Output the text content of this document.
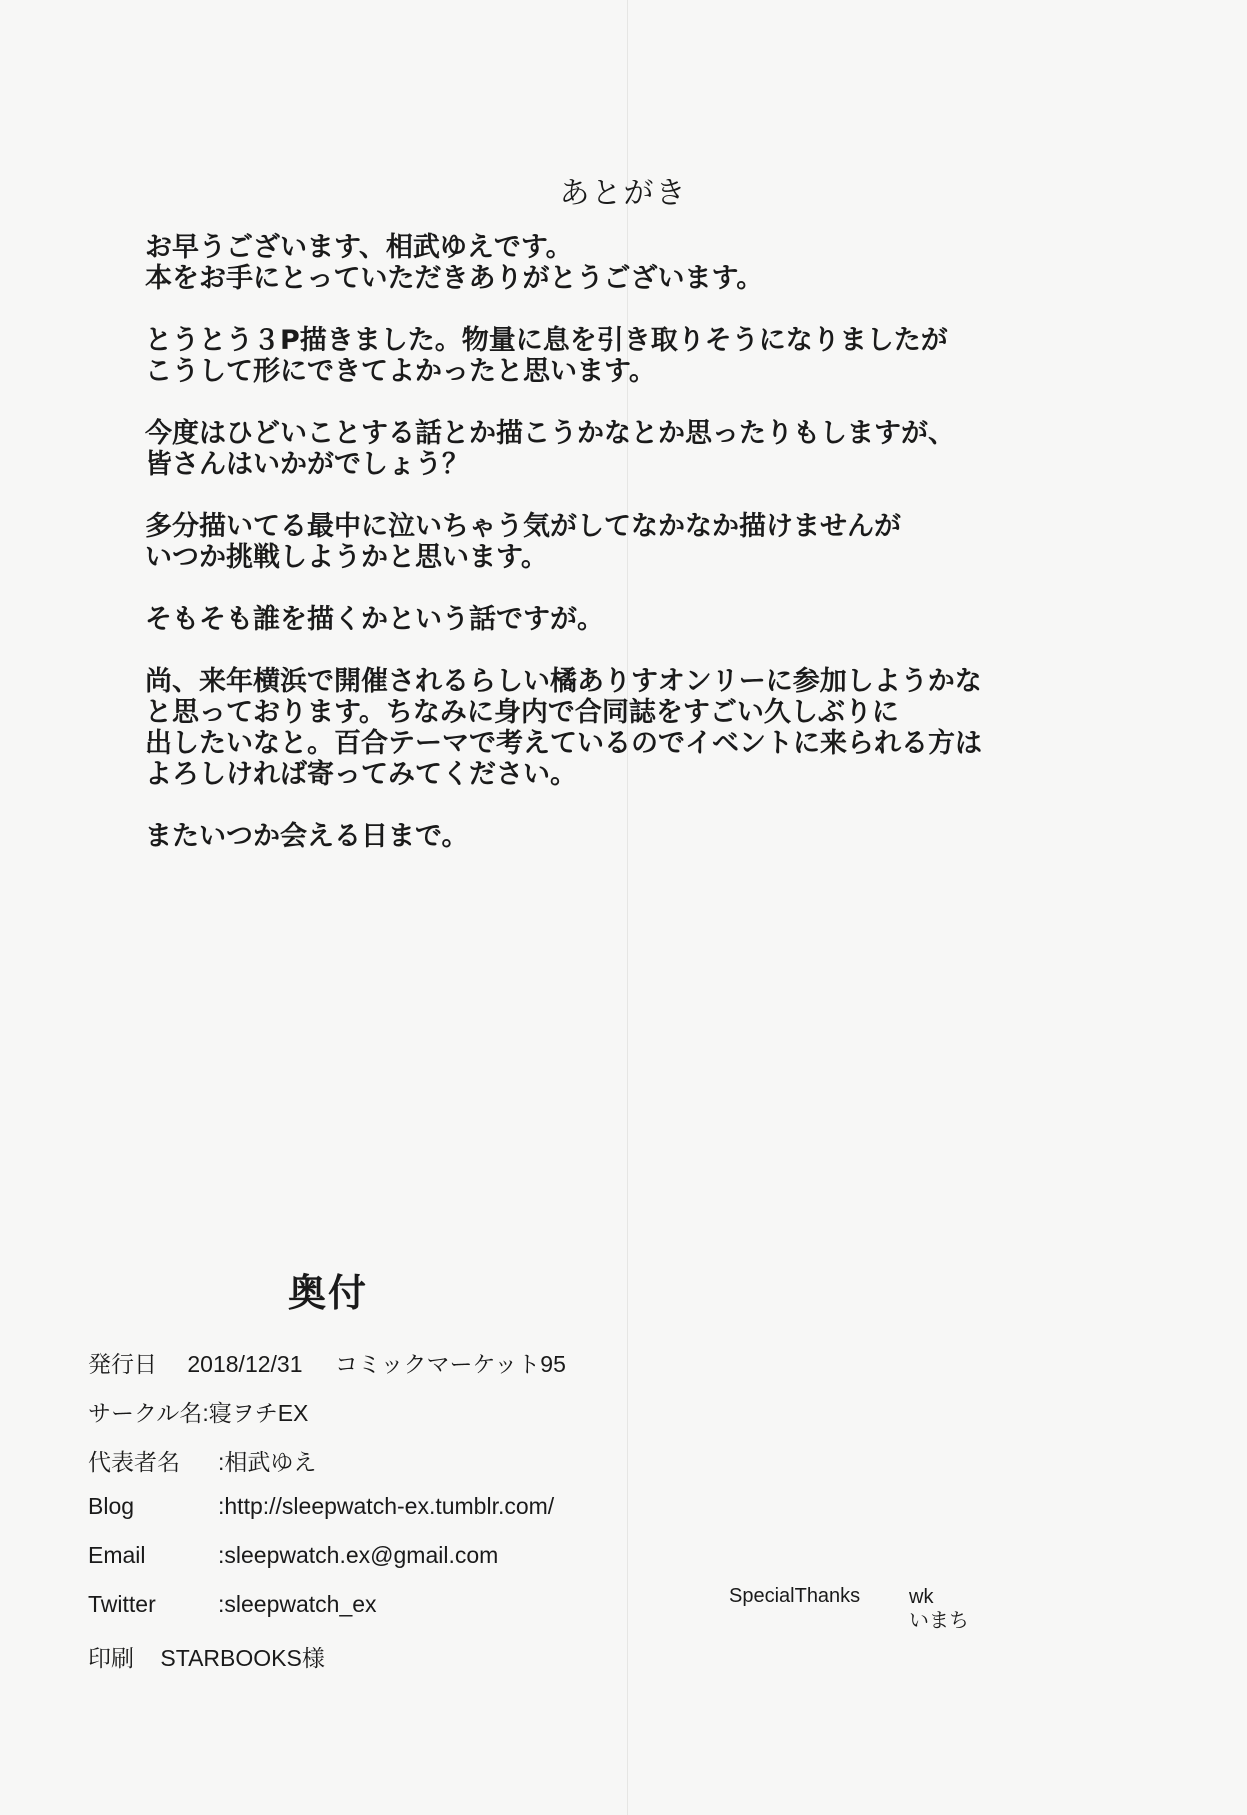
あとがき
お早うございます、相武ゆえです。
本をお手にとっていただきありがとうございます。
とうとう３P描きました。物量に息を引き取りそうになりましたが
こうして形にできてよかったと思います。
今度はひどいことする話とか描こうかなとか思ったりもしますが、
皆さんはいかがでしょう？
多分描いてる最中に泣いちゃう気がしてなかなか描けませんが
いつか挑戦しようかと思います。
そもそも誰を描くかという話ですが。
尚、来年横浜で開催されるらしい橘ありすオンリーに参加しようかな
と思っております。ちなみに身内で合同誌をすごい久しぶりに
出したいなと。百合テーマで考えているのでイベントに来られる方は
よろしければ寄ってみてください。
またいつか会える日まで。
奥付
発行日 2018/12/31 コミックマーケット95
サークル名:寝ヲチEX
代表者名 :相武ゆえ
Blog	:http://sleepwatch-ex.tumblr.com/
Email	:sleepwatch.ex@gmail.com
Twitter	:sleepwatch_ex
印刷 STARBOOKS様
SpecialThanks wk
いまち
